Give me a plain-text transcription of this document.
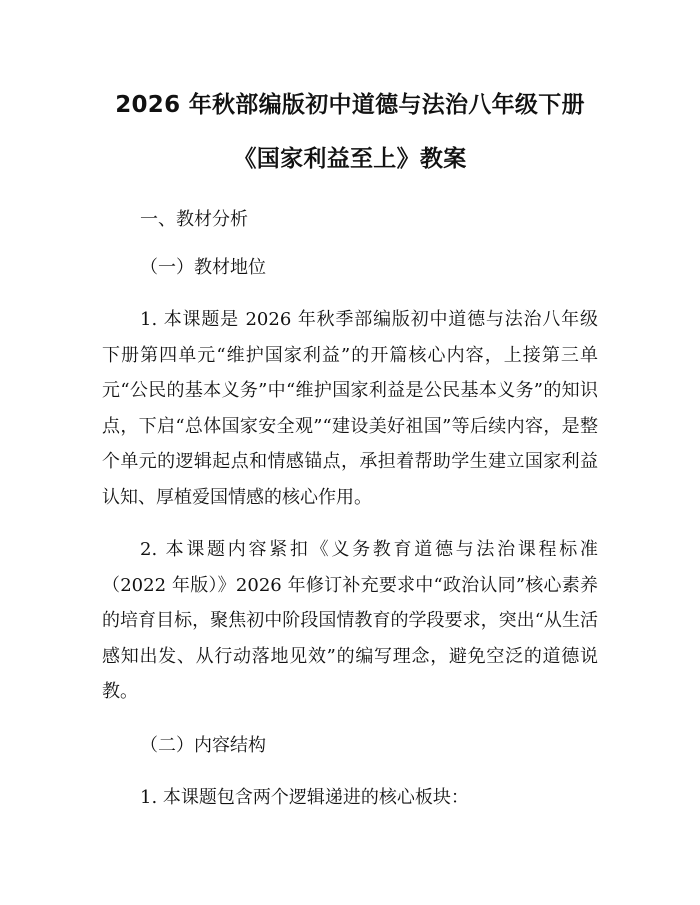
2026 年秋部编版初中道德与法治八年级下册
《国家利益至上》教案

一、教材分析

（一）教材地位

1. 本课题是 2026 年秋季部编版初中道德与法治八年级下册第四单元“维护国家利益”的开篇核心内容，上接第三单元“公民的基本义务”中“维护国家利益是公民基本义务”的知识点，下启“总体国家安全观”“建设美好祖国”等后续内容，是整个单元的逻辑起点和情感锚点，承担着帮助学生建立国家利益认知、厚植爱国情感的核心作用。

2. 本课题内容紧扣《义务教育道德与法治课程标准（2022 年版）》2026 年修订补充要求中“政治认同”核心素养的培育目标，聚焦初中阶段国情教育的学段要求，突出“从生活感知出发、从行动落地见效”的编写理念，避免空泛的道德说教。

（二）内容结构

1. 本课题包含两个逻辑递进的核心板块：
